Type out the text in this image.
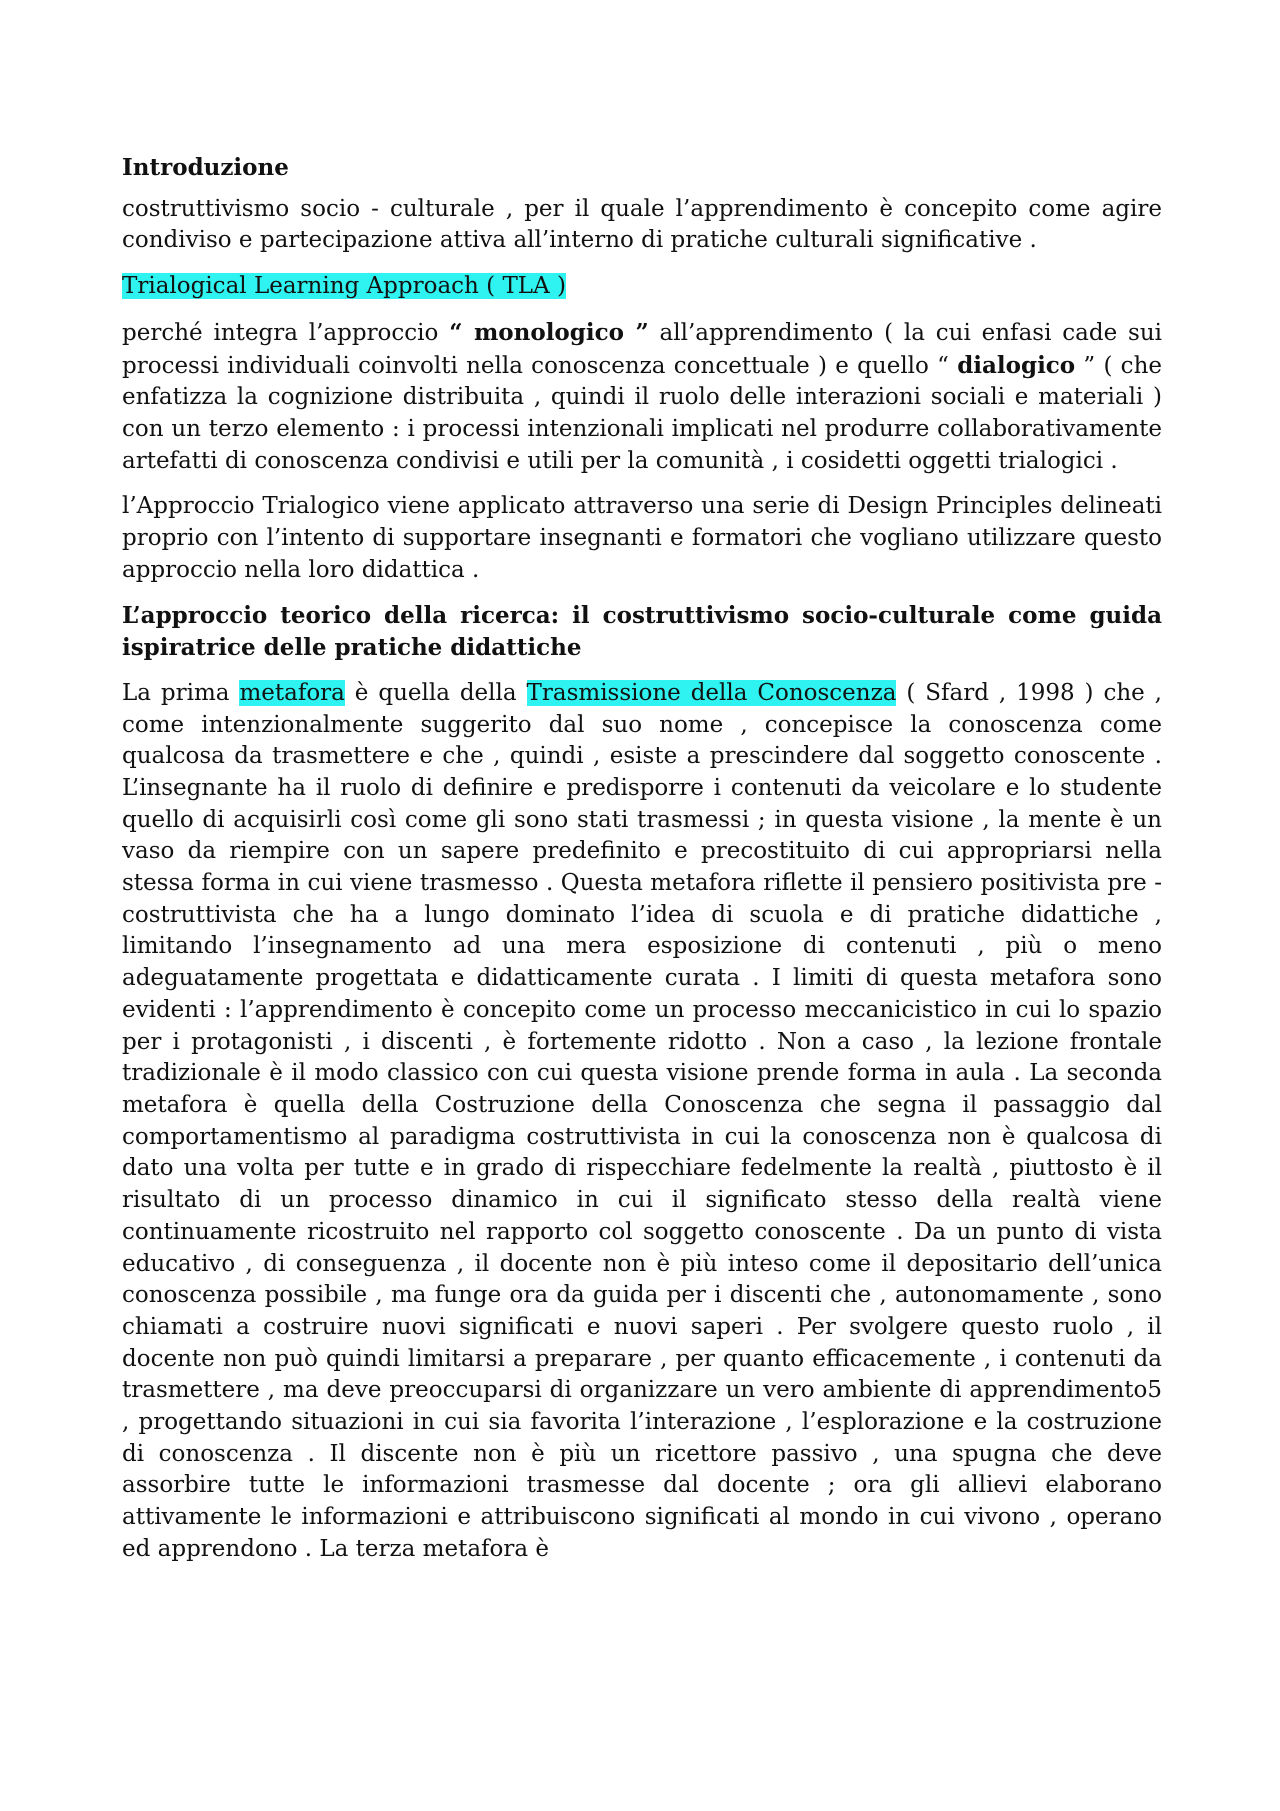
Introduzione

costruttivismo socio - culturale , per il quale l’apprendimento è concepito come agire condiviso e partecipazione attiva all’interno di pratiche culturali significative .

Trialogical Learning Approach ( TLA )

perché integra l’approccio “ monologico ” all’apprendimento ( la cui enfasi cade sui processi individuali coinvolti nella conoscenza concettuale ) e quello “ dialogico ” ( che enfatizza la cognizione distribuita , quindi il ruolo delle interazioni sociali e materiali ) con un terzo elemento : i processi intenzionali implicati nel produrre collaborativamente artefatti di conoscenza condivisi e utili per la comunità , i cosidetti oggetti trialogici .

l’Approccio Trialogico viene applicato attraverso una serie di Design Principles delineati proprio con l’intento di supportare insegnanti e formatori che vogliano utilizzare questo approccio nella loro didattica .

L’approccio teorico della ricerca: il costruttivismo socio-culturale come guida ispiratrice delle pratiche didattiche

La prima metafora è quella della Trasmissione della Conoscenza ( Sfard , 1998 ) che , come intenzionalmente suggerito dal suo nome , concepisce la conoscenza come qualcosa da trasmettere e che , quindi , esiste a prescindere dal soggetto conoscente . L’insegnante ha il ruolo di definire e predisporre i contenuti da veicolare e lo studente quello di acquisirli così come gli sono stati trasmessi ; in questa visione , la mente è un vaso da riempire con un sapere predefinito e precostituito di cui appropriarsi nella stessa forma in cui viene trasmesso . Questa metafora riflette il pensiero positivista pre - costruttivista che ha a lungo dominato l’idea di scuola e di pratiche didattiche , limitando l’insegnamento ad una mera esposizione di contenuti , più o meno adeguatamente progettata e didatticamente curata . I limiti di questa metafora sono evidenti : l’apprendimento è concepito come un processo meccanicistico in cui lo spazio per i protagonisti , i discenti , è fortemente ridotto . Non a caso , la lezione frontale tradizionale è il modo classico con cui questa visione prende forma in aula . La seconda metafora è quella della Costruzione della Conoscenza che segna il passaggio dal comportamentismo al paradigma costruttivista in cui la conoscenza non è qualcosa di dato una volta per tutte e in grado di rispecchiare fedelmente la realtà , piuttosto è il risultato di un processo dinamico in cui il significato stesso della realtà viene continuamente ricostruito nel rapporto col soggetto conoscente . Da un punto di vista educativo , di conseguenza , il docente non è più inteso come il depositario dell’unica conoscenza possibile , ma funge ora da guida per i discenti che , autonomamente , sono chiamati a costruire nuovi significati e nuovi saperi . Per svolgere questo ruolo , il docente non può quindi limitarsi a preparare , per quanto efficacemente , i contenuti da trasmettere , ma deve preoccuparsi di organizzare un vero ambiente di apprendimento5 , progettando situazioni in cui sia favorita l’interazione , l’esplorazione e la costruzione di conoscenza . Il discente non è più un ricettore passivo , una spugna che deve assorbire tutte le informazioni trasmesse dal docente ; ora gli allievi elaborano attivamente le informazioni e attribuiscono significati al mondo in cui vivono , operano ed apprendono . La terza metafora è
